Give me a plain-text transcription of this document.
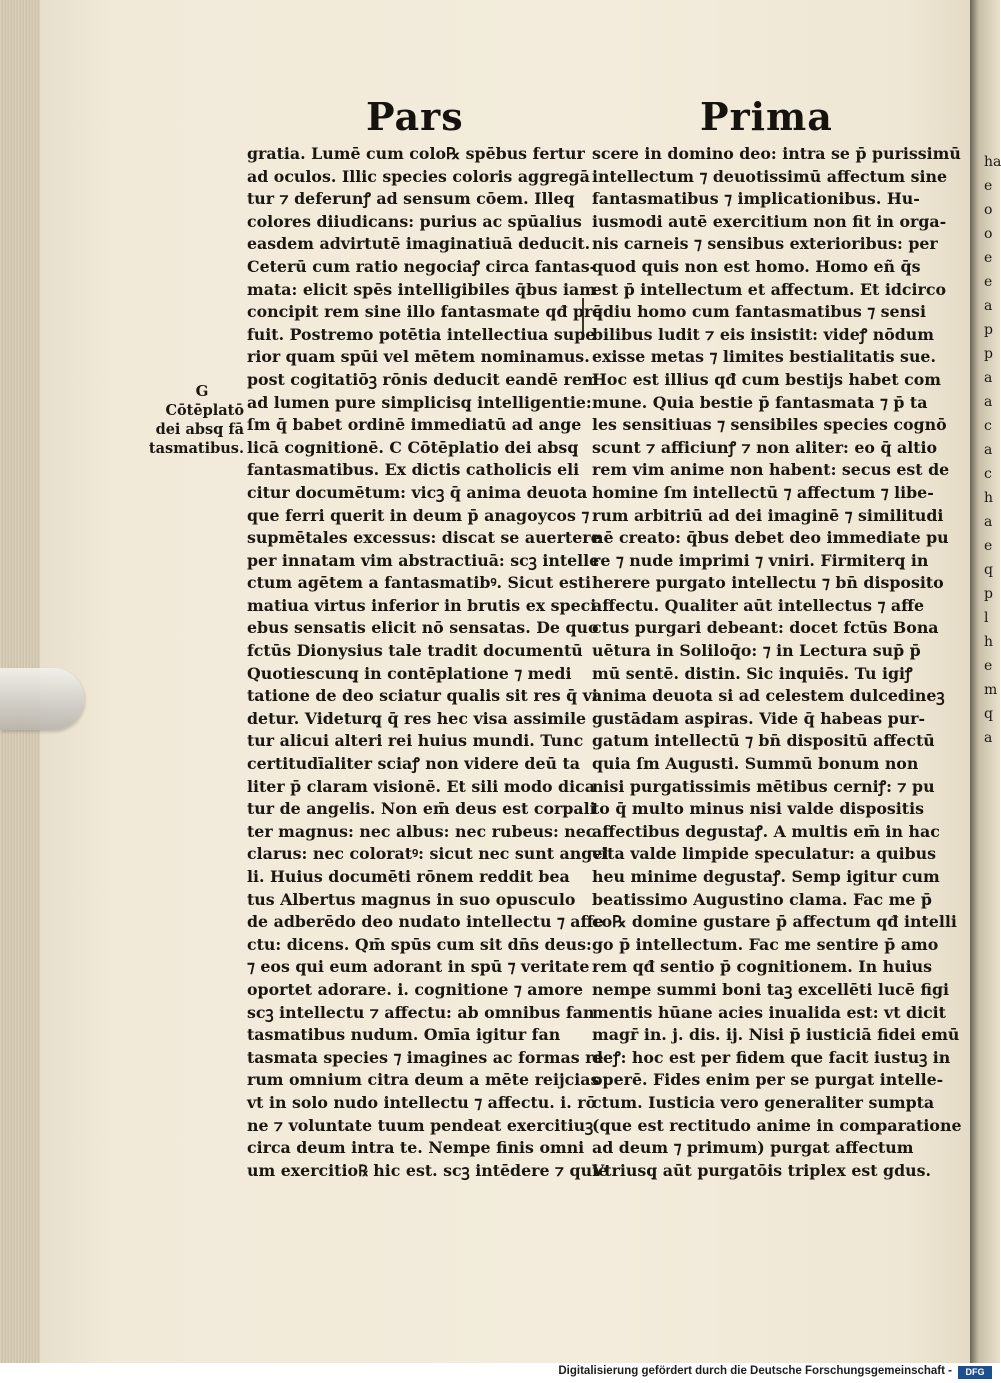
ha
e
o
o
e
e
a
p
p
a
a
c
a
c
h
a
e
q
p
l
h
e
m
q
a
Pars	Prima
G
Cōtēplatō
dei absq̧ fā
tasmatibus.
gratia. Lumē cum colo℞ spēbus fertur
ad oculos. Illic species coloris aggregā
tur ⁊ deferunꝭ ad sensum cōem. Illeq̧
colores diiudicans: purius ac spūalius
easdem advirtutē imaginatiuā deducit.
Ceterū cum ratio negociaꝭ circa fantas-
mata: elicit spēs intelligibiles q̄bus iam
concipit rem sine illo fantasmate qđ pre
fuit. Postremo potētia intellectiua supe
rior quam spūi vel mētem nominamus.
post cogitatiōꝫ rōnis deducit eandē rem
ad lumen pure simplicisq̧ intelligentie:
ſm q̄ babet ordinē immediatū ad ange
licā cognitionē. C Cōtēplatio dei absq̧
fantasmatibus. Ex dictis catholicis eli
citur documētum: vicꝫ q̄ anima deuota
que ferri querit in deum p̄ anagoycos ⁊
supmētales excessus: discat se auertere
per innatam vim abstractiuā: scꝫ intelle
ctum agētem a fantasmatibꝰ. Sicut esti
matiua virtus inferior in brutis ex speci
ebus sensatis elicit nō sensatas. De quo
fctūs Dionysius tale tradit documentū
Quotiescunq̧ in contēplatione ⁊ medi
tatione de deo sciatur qualis sit res q̄ vi
detur. Videturq̧ q̄ res hec visa assimile
tur alicui alteri rei huius mundi. Tunc
certitudīaliter sciaꝭ non videre deū ta
liter p̄ claram visionē. Et sili modo dica
tur de angelis. Non em̄ deus est corpali
ter magnus: nec albus: nec rubeus: nec
clarus: nec coloratꝰ: sicut nec sunt angel
li. Huius documēti rōnem reddit bea
tus Albertus magnus in suo opusculo
de adberēdo deo nudato intellectu ⁊ affe
ctu: dicens. Qm̄ spūs cum sit dn̄s deus:
⁊ eos qui eum adorant in spū ⁊ veritate
oportet adorare. i. cognitione ⁊ amore
scꝫ intellectu ⁊ affectu: ab omnibus fan
tasmatibus nudum. Omīa igitur fan
tasmata species ⁊ imagines ac formas re
rum omnium citra deum a mēte reijcias
vt in solo nudo intellectu ⁊ affectu. i. rō
ne ⁊ voluntate tuum pendeat exercitiuꝫ
circa deum intra te. Nempe finis omni
um exercitio℞ hic est. scꝫ intēdere ⁊ quie
scere in domino deo: intra se p̄ purissimū
intellectum ⁊ deuotissimū affectum sine
fantasmatibus ⁊ implicationibus. Hu-
iusmodi autē exercitium non fit in orga-
nis carneis ⁊ sensibus exterioribus: per
quod quis non est homo. Homo eñ q̄s
est p̄ intellectum et affectum. Et idcirco
q̄diu homo cum fantasmatibus ⁊ sensi
bilibus ludit ⁊ eis insistit: videꝭ nōdum
exisse metas ⁊ limites bestialitatis sue.
Hoc est illius qđ cum bestijs habet com
mune. Quia bestie p̄ fantasmata ⁊ p̄ ta
les sensitiuas ⁊ sensibiles species cognō
scunt ⁊ afficiunꝭ ⁊ non aliter: eo q̄ altio
rem vim anime non habent: secus est de
homine ſm intellectū ⁊ affectum ⁊ libe-
rum arbitriū ad dei imaginē ⁊ similitudi
nē creato: q̄bus debet deo immediate pu
re ⁊ nude imprimi ⁊ vniri. Firmiterq̧ in
herere purgato intellectu ⁊ bn̄ disposito
affectu. Qualiter aūt intellectus ⁊ affe
ctus purgari debeant: docet fctūs Bona
uētura in Soliloq̄o: ⁊ in Lectura sup̄ p̄
mū sentē. distin. Sic inquiēs. Tu igiꝭ
anima deuota si ad celestem dulcedineꝫ
gustādam aspiras. Vide q̄ habeas pur-
gatum intellectū ⁊ bn̄ dispositū affectū
quia ſm Augusti. Summū bonum non
nisi purgatissimis mētibus cerniꝭ: ⁊ pu
to q̄ multo minus nisi valde dispositis
affectibus degustaꝭ. A multis em̄ in hac
vita valde limpide speculatur: a quibus
heu minime degustaꝭ. Semp igitur cum
beatissimo Augustino clama. Fac me p̄
co℞ domine gustare p̄ affectum qđ intelli
go p̄ intellectum. Fac me sentire p̄ amo
rem qđ sentio p̄ cognitionem. In huius
nempe summi boni taꝫ excellēti lucē figi
mentis hūane acies inualida est: vt dicit
magr̄ in. j. dis. ij. Nisi p̄ iusticiā fidei emū
deꝭ: hoc est per fidem que facit iustuꝫ in
operē. Fides enim per se purgat intelle-
ctum. Iusticia vero generaliter sumpta
(que est rectitudo anime in comparatione
ad deum ⁊ primum) purgat affectum
Vtriusq̧ aūt purgatōis triplex est gdus.
Digitalisierung gefördert durch die Deutsche Forschungsgemeinschaft -	DFG
